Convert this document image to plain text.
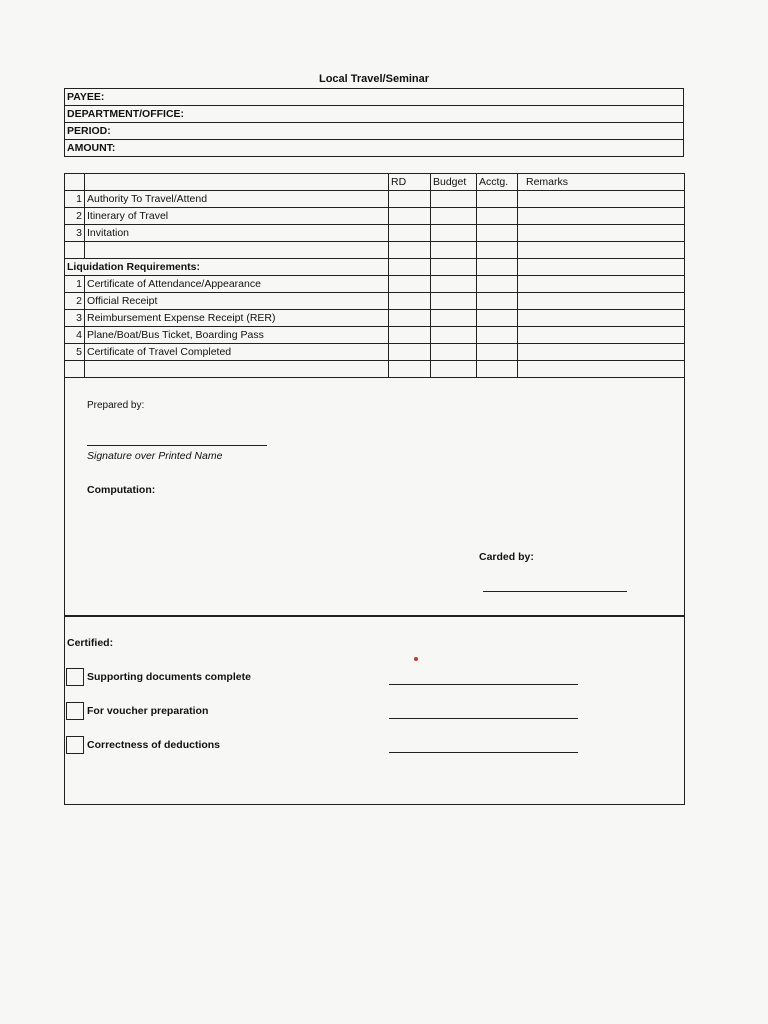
Local Travel/Seminar
PAYEE:
DEPARTMENT/OFFICE:
PERIOD:
AMOUNT:
		RD	Budget	Acctg.	Remarks
1	Authority To Travel/Attend				
2	Itinerary of Travel				
3	Invitation				

Liquidation Requirements:					
1	Certificate of Attendance/Appearance				
2	Official Receipt				
3	Reimbursement Expense Receipt (RER)				
4	Plane/Boat/Bus Ticket, Boarding Pass				
5	Certificate of Travel Completed				

Prepared by:
Signature over Printed Name
Computation:
Carded by:
Certified:
Supporting documents complete
For voucher preparation
Correctness of deductions
